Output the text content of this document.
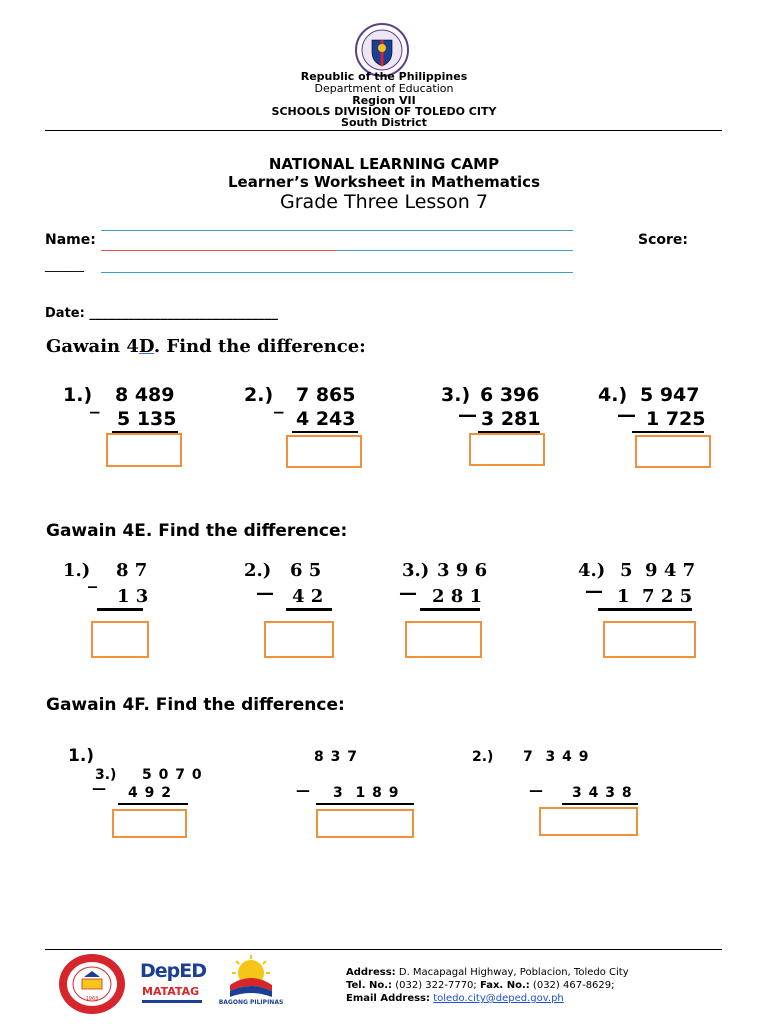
Republic of the Philippines
Department of Education
Region VII
SCHOOLS DIVISION OF TOLEDO CITY
South District
NATIONAL LEARNING CAMP
Learner’s Worksheet in Mathematics
Grade Three Lesson 7
Name:	Score:
______
Date: _____________________________
Gawain 4D. Find the difference:
1.) 8 489
_
5 135
2.) 7 865
_
4 243
3.) 6 396
— 3 281
4.) 5 947
— 1 725
Gawain 4E. Find the difference:
1.) 8 7
_
1 3
2.) 6 5
— 4 2
3.) 3 9 6
— 2 8 1
4.) 5  9 4 7
— 1  7 2 5
Gawain 4F. Find the difference:
1.)
3.) 5 0 7 0
— 4 9 2
8 3 7
— 3  1 8 9
2.) 7  3 4 9
— 3 4 3 8
1963
DepED
MATATAG
BAGONG PILIPINAS
Address: D. Macapagal Highway, Poblacion, Toledo City
Tel. No.: (032) 322-7770; Fax. No.: (032) 467-8629;
Email Address: toledo.city@deped.gov.ph
